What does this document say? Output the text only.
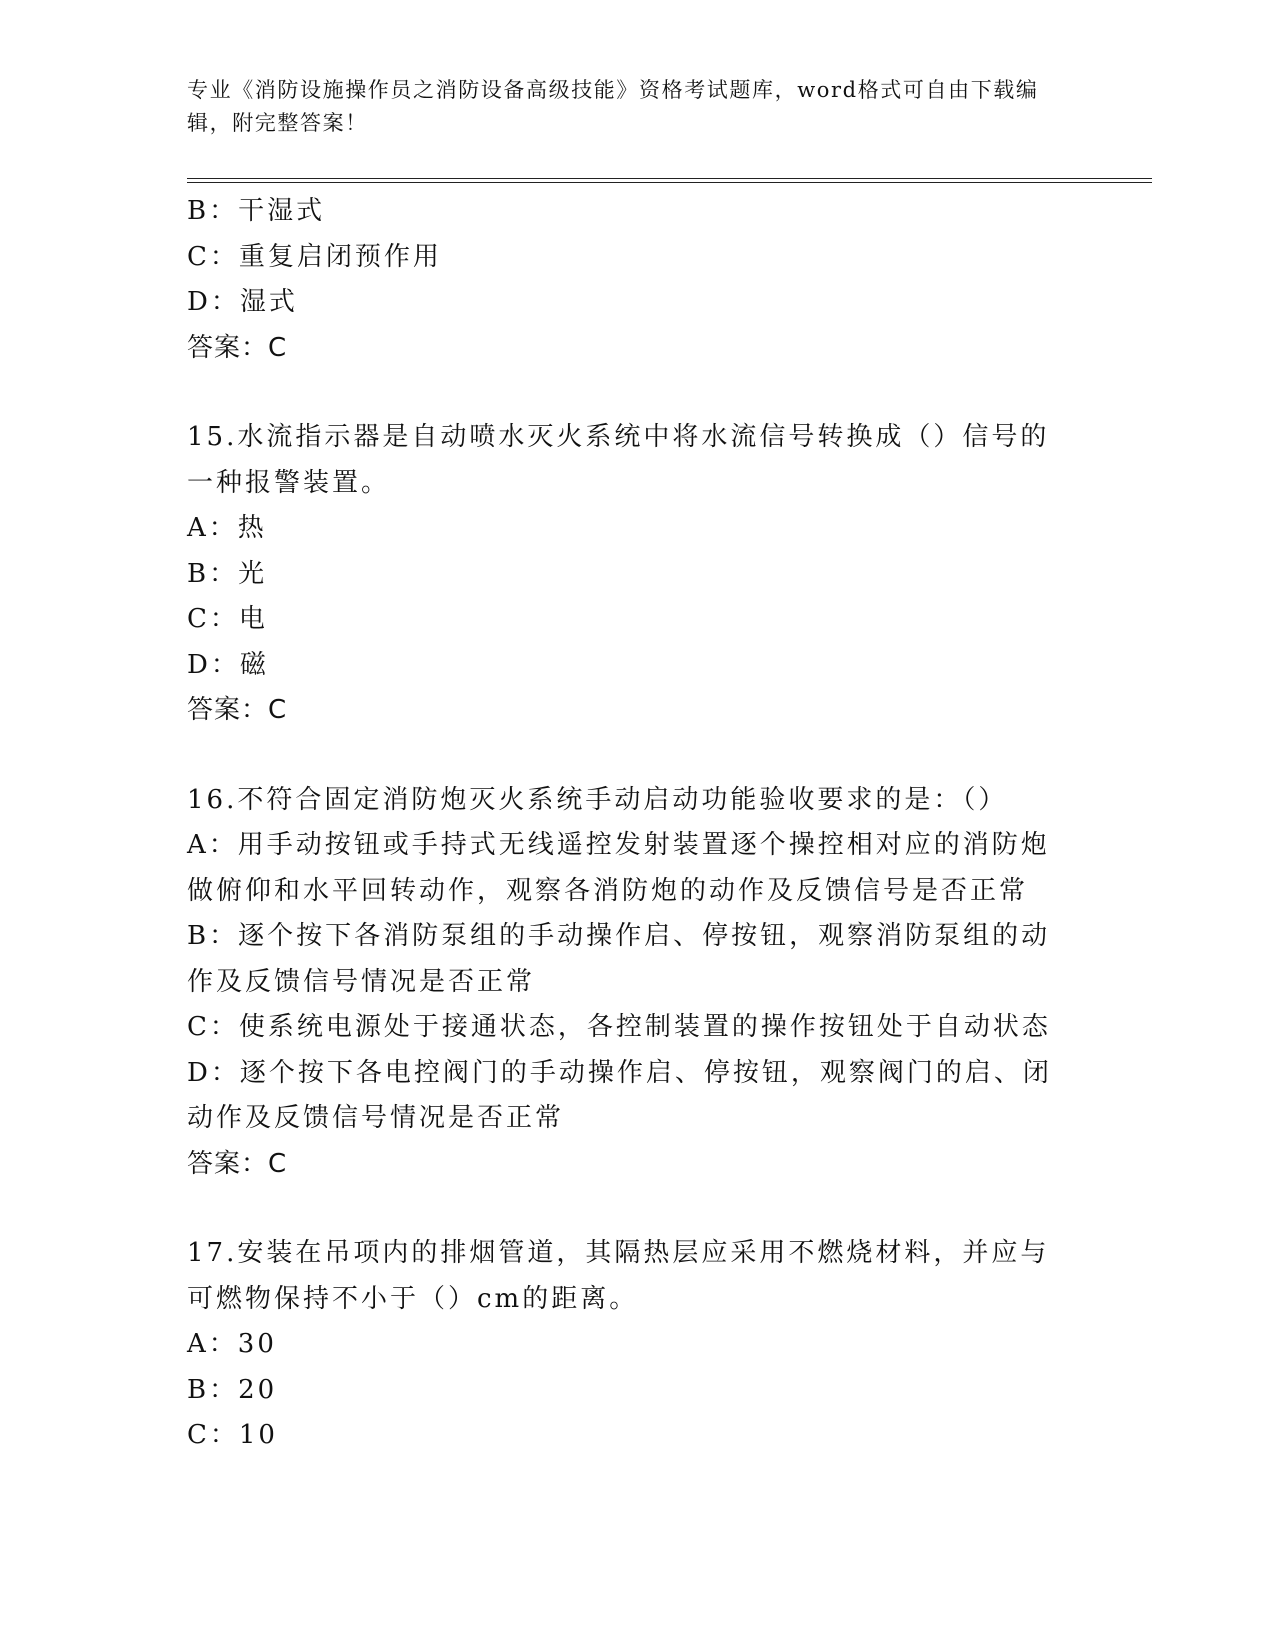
专业《消防设施操作员之消防设备高级技能》资格考试题库，word格式可自由下载编辑，附完整答案！
B：干湿式
C：重复启闭预作用
D：湿式
答案：C
15.水流指示器是自动喷水灭火系统中将水流信号转换成（）信号的一种报警装置。
A：热
B：光
C：电
D：磁
答案：C
16.不符合固定消防炮灭火系统手动启动功能验收要求的是：（）
A：用手动按钮或手持式无线遥控发射装置逐个操控相对应的消防炮做俯仰和水平回转动作，观察各消防炮的动作及反馈信号是否正常
B：逐个按下各消防泵组的手动操作启、停按钮，观察消防泵组的动作及反馈信号情况是否正常
C：使系统电源处于接通状态，各控制装置的操作按钮处于自动状态
D：逐个按下各电控阀门的手动操作启、停按钮，观察阀门的启、闭动作及反馈信号情况是否正常
答案：C
17.安装在吊项内的排烟管道，其隔热层应采用不燃烧材料，并应与可燃物保持不小于（）cm的距离。
A：30
B：20
C：10
